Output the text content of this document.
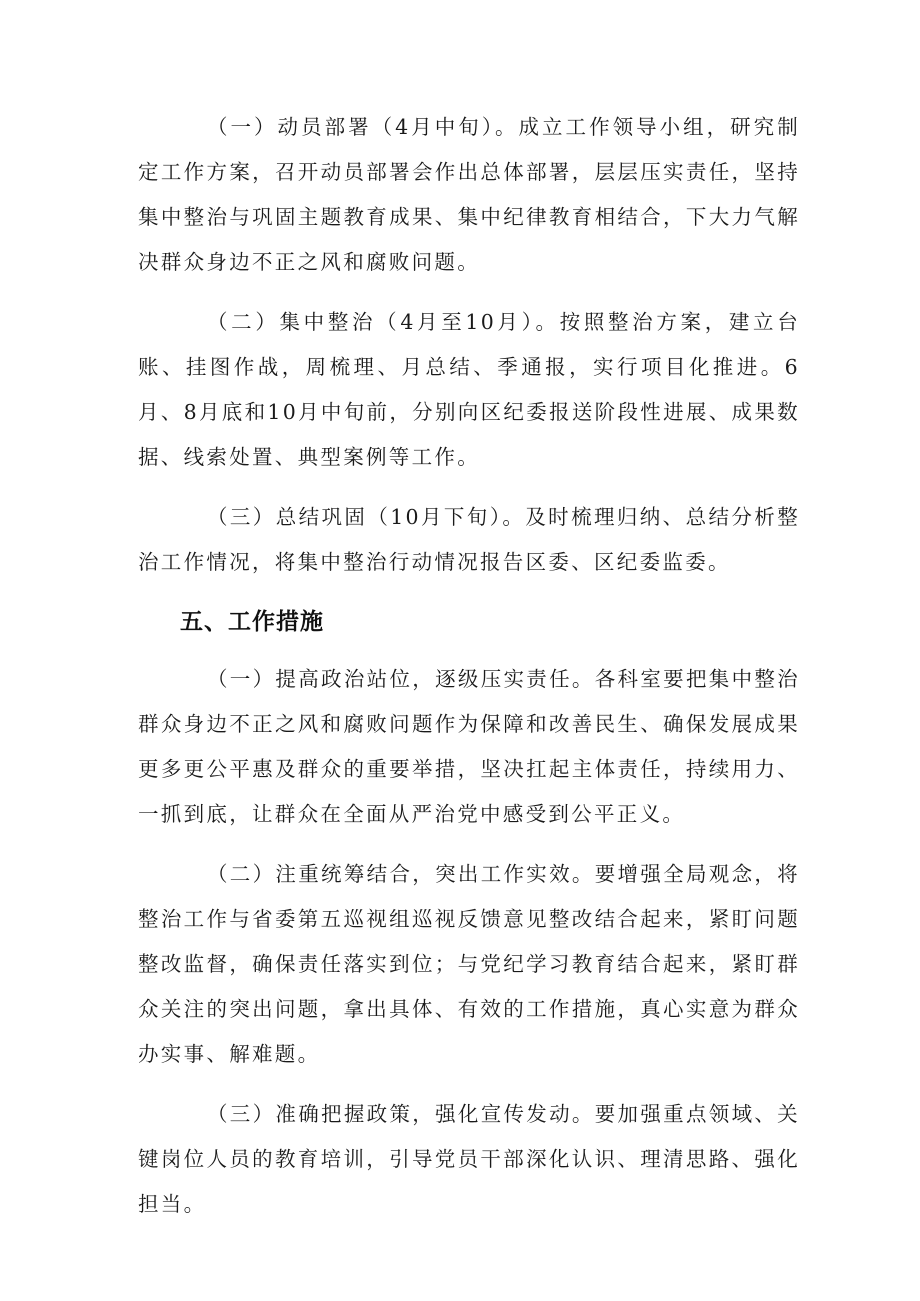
（一）动员部署（4月中旬）。成立工作领导小组，研究制定工作方案，召开动员部署会作出总体部署，层层压实责任，坚持集中整治与巩固主题教育成果、集中纪律教育相结合，下大力气解决群众身边不正之风和腐败问题。

（二）集中整治（4月至10月）。按照整治方案，建立台账、挂图作战，周梳理、月总结、季通报，实行项目化推进。6月、8月底和10月中旬前，分别向区纪委报送阶段性进展、成果数据、线索处置、典型案例等工作。

（三）总结巩固（10月下旬）。及时梳理归纳、总结分析整治工作情况，将集中整治行动情况报告区委、区纪委监委。

五、工作措施

（一）提高政治站位，逐级压实责任。各科室要把集中整治群众身边不正之风和腐败问题作为保障和改善民生、确保发展成果更多更公平惠及群众的重要举措，坚决扛起主体责任，持续用力、一抓到底，让群众在全面从严治党中感受到公平正义。

（二）注重统筹结合，突出工作实效。要增强全局观念，将整治工作与省委第五巡视组巡视反馈意见整改结合起来，紧盯问题整改监督，确保责任落实到位；与党纪学习教育结合起来，紧盯群众关注的突出问题，拿出具体、有效的工作措施，真心实意为群众办实事、解难题。

（三）准确把握政策，强化宣传发动。要加强重点领域、关键岗位人员的教育培训，引导党员干部深化认识、理清思路、强化担当。
